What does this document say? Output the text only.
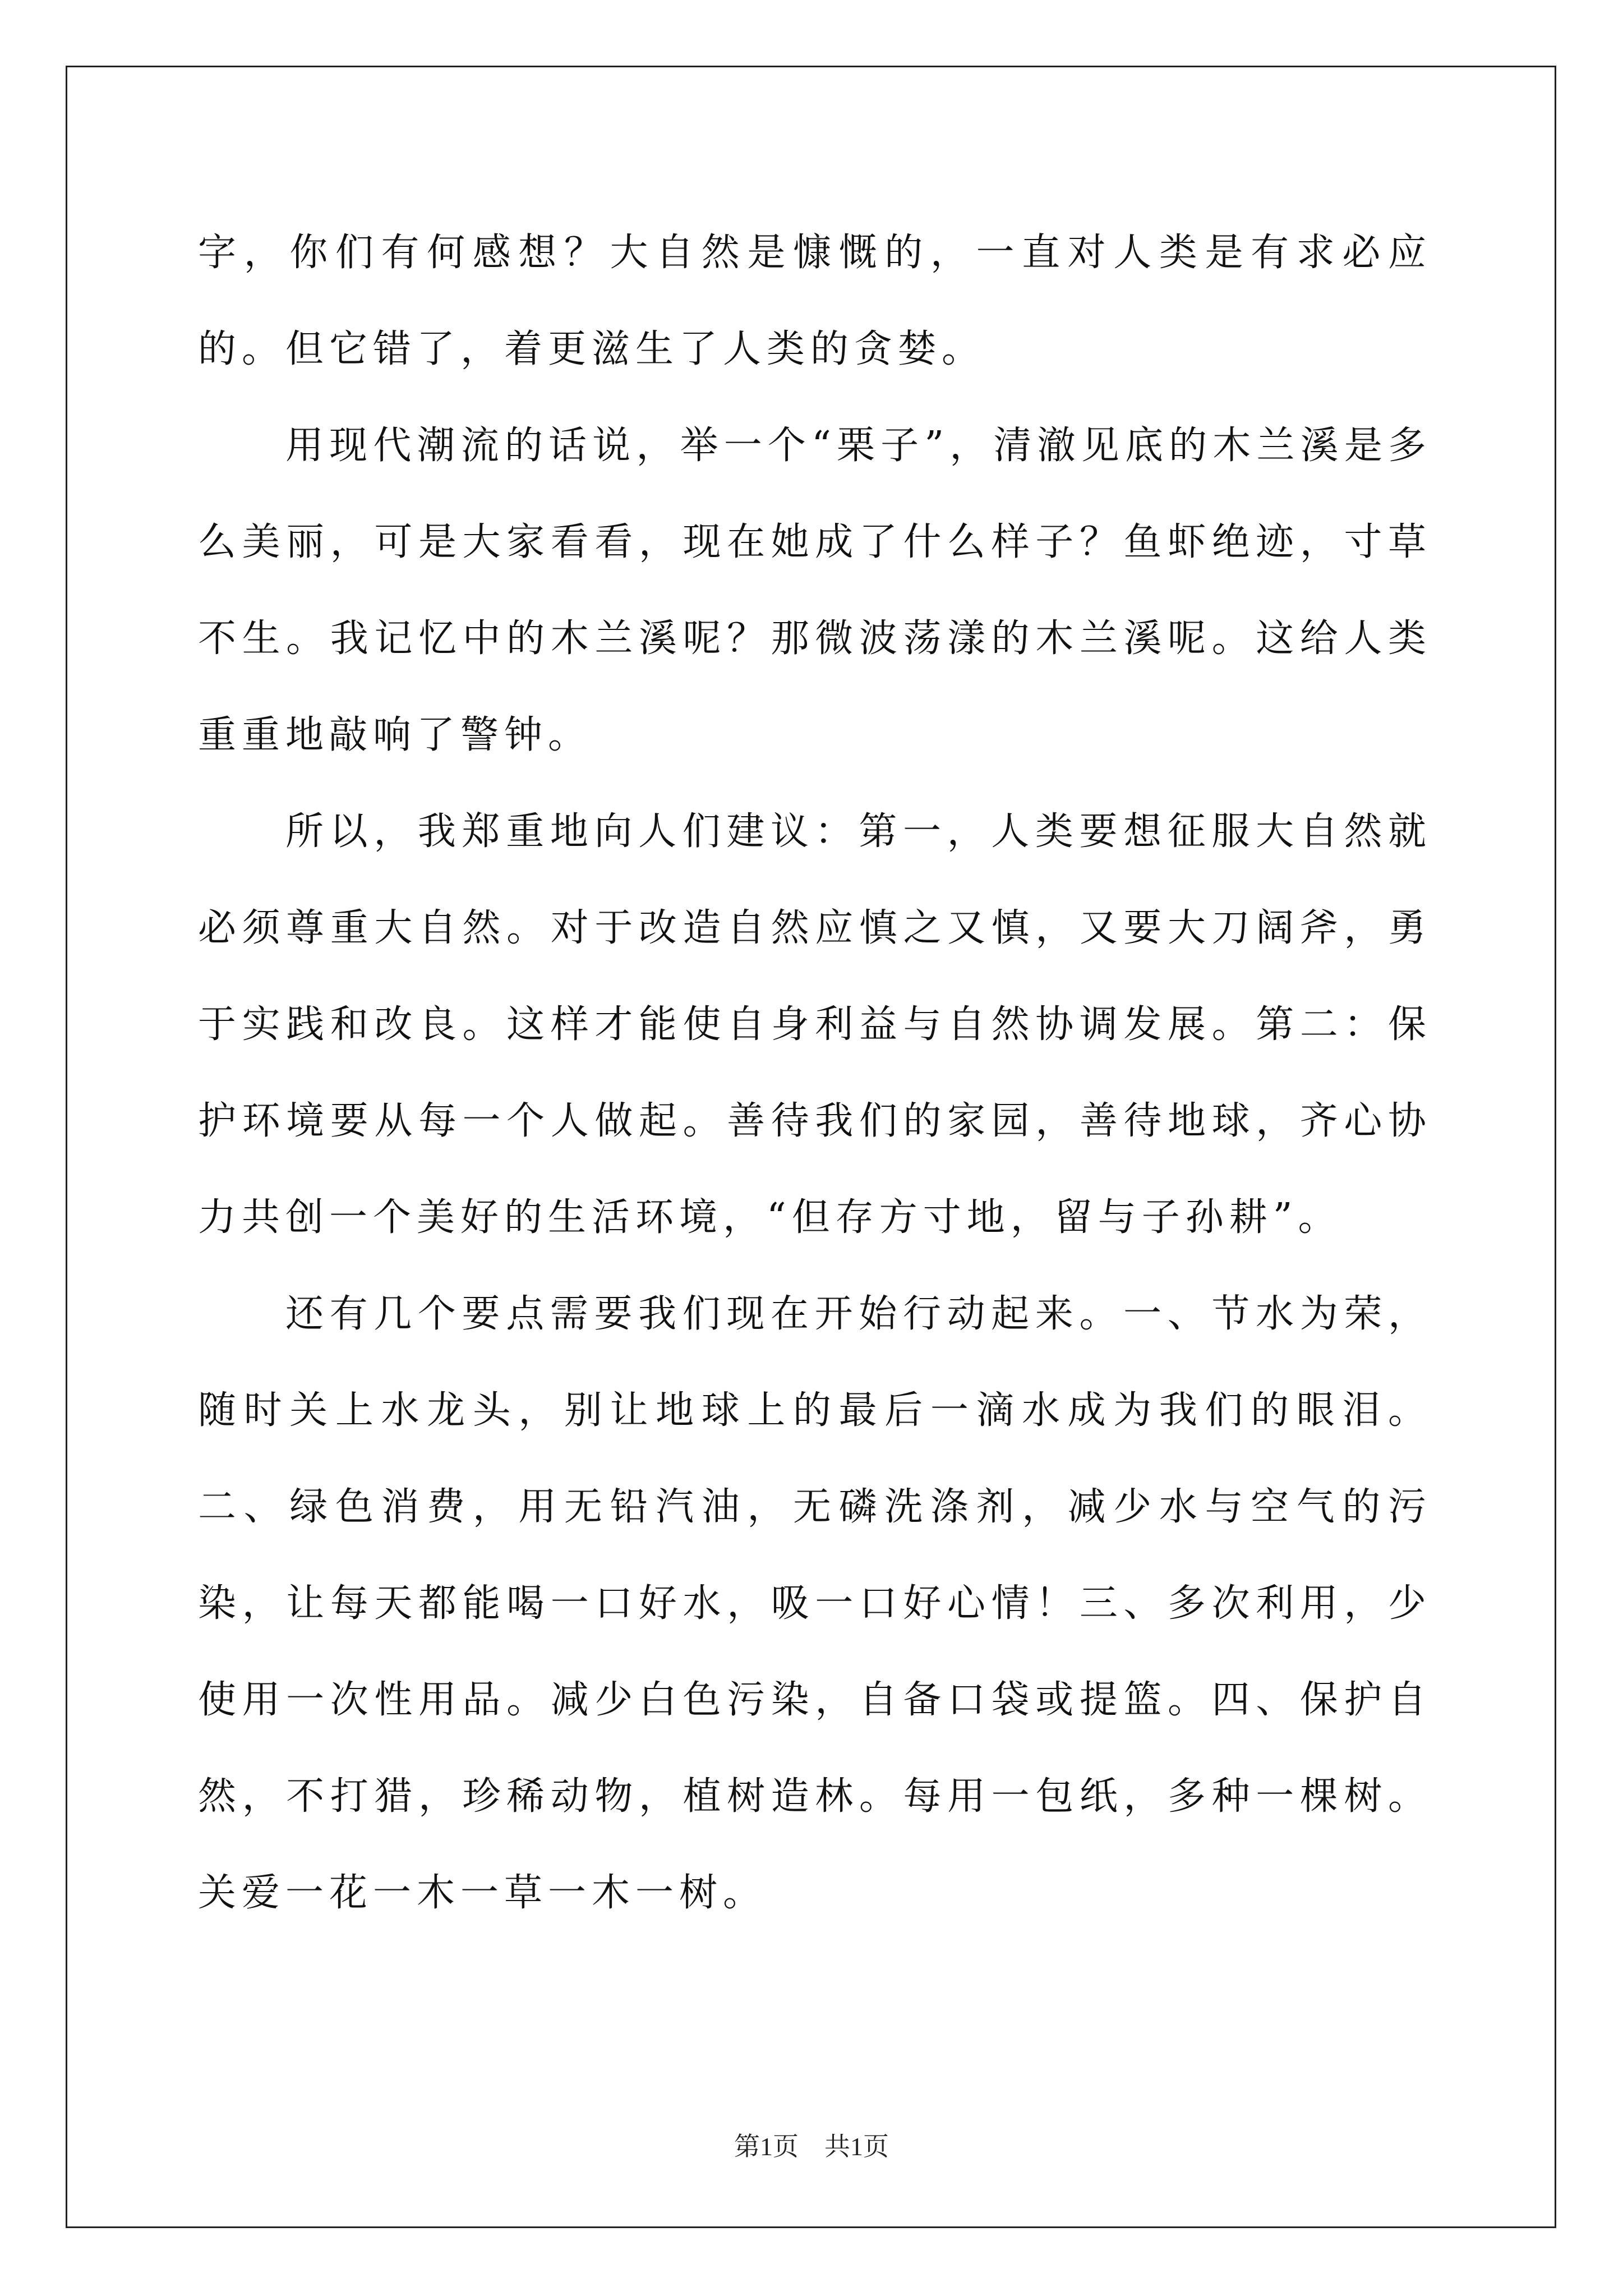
字，你们有何感想？大自然是慷慨的，一直对人类是有求必应的。但它错了，着更滋生了人类的贪婪。

用现代潮流的话说，举一个“栗子”，清澈见底的木兰溪是多么美丽，可是大家看看，现在她成了什么样子？鱼虾绝迹，寸草不生。我记忆中的木兰溪呢？那微波荡漾的木兰溪呢。这给人类重重地敲响了警钟。

所以，我郑重地向人们建议：第一，人类要想征服大自然就必须尊重大自然。对于改造自然应慎之又慎，又要大刀阔斧，勇于实践和改良。这样才能使自身利益与自然协调发展。第二：保护环境要从每一个人做起。善待我们的家园，善待地球，齐心协力共创一个美好的生活环境，“但存方寸地，留与子孙耕”。

还有几个要点需要我们现在开始行动起来。一、节水为荣，随时关上水龙头，别让地球上的最后一滴水成为我们的眼泪。二、绿色消费，用无铅汽油，无磷洗涤剂，减少水与空气的污染，让每天都能喝一口好水，吸一口好心情！三、多次利用，少使用一次性用品。减少白色污染，自备口袋或提篮。四、保护自然，不打猎，珍稀动物，植树造林。每用一包纸，多种一棵树。关爱一花一木一草一木一树。

第1页　共1页
